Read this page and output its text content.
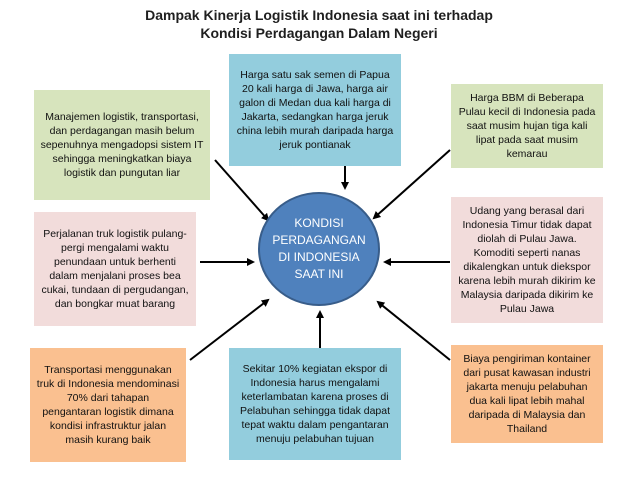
Dampak Kinerja Logistik Indonesia saat ini terhadap
Kondisi Perdagangan Dalam Negeri
Manajemen logistik, transportasi, dan perdagangan masih belum sepenuhnya mengadopsi sistem IT sehingga meningkatkan biaya logistik dan pungutan liar
Harga satu sak semen di Papua 20 kali harga di Jawa, harga air galon di Medan dua kali harga di Jakarta, sedangkan harga jeruk china lebih murah daripada harga jeruk pontianak
Harga BBM di Beberapa Pulau kecil di Indonesia pada saat musim hujan tiga kali lipat pada saat musim kemarau
Perjalanan truk logistik pulang-pergi mengalami waktu penundaan untuk berhenti dalam menjalani proses bea cukai, tundaan di pergudangan, dan bongkar muat barang
Udang yang berasal dari Indonesia Timur tidak dapat diolah di Pulau Jawa. Komoditi seperti nanas dikalengkan untuk diekspor karena lebih murah dikirim ke Malaysia daripada dikirim ke Pulau Jawa
Transportasi menggunakan truk di Indonesia mendominasi 70% dari tahapan pengantaran logistik dimana kondisi infrastruktur jalan masih kurang baik
Sekitar 10% kegiatan ekspor di Indonesia harus mengalami keterlambatan karena proses di Pelabuhan sehingga tidak dapat tepat waktu dalam pengantaran menuju pelabuhan tujuan
Biaya pengiriman kontainer dari pusat kawasan industri jakarta menuju pelabuhan dua kali lipat lebih mahal daripada di Malaysia dan Thailand
KONDISI PERDAGANGAN DI INDONESIA SAAT INI
